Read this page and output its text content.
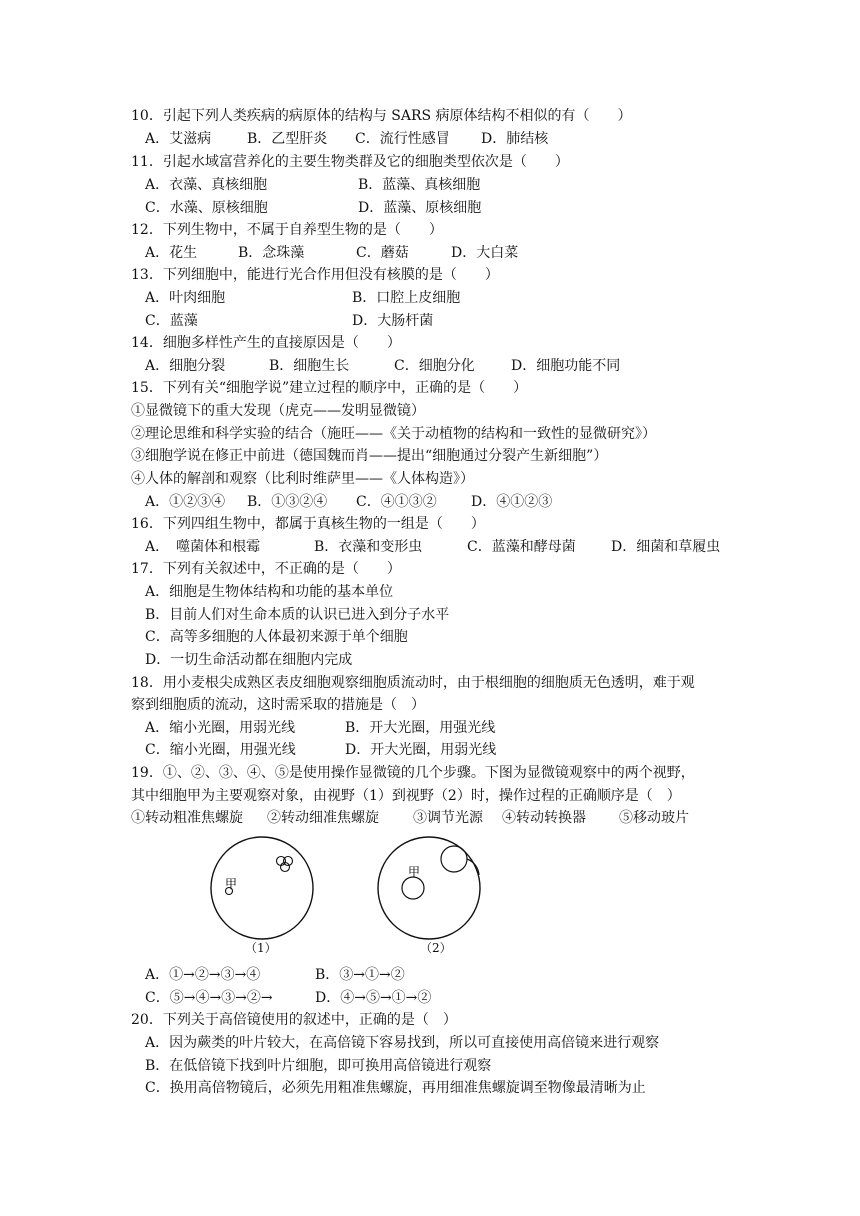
10．引起下列人类疾病的病原体的结构与 SARS 病原体结构不相似的有（　　）
A．艾滋病	B．乙型肝炎 C．流行性感冒 D．肺结核
11．引起水域富营养化的主要生物类群及它的细胞类型依次是（　　）
A．衣藻、真核细胞	B．蓝藻、真核细胞
C．水藻、原核细胞	D．蓝藻、原核细胞
12．下列生物中，不属于自养型生物的是（　　）
A．花生	B．念珠藻	C．蘑菇	D．大白菜
13．下列细胞中，能进行光合作用但没有核膜的是（　　）
A．叶肉细胞	B．口腔上皮细胞
C．蓝藻	D．大肠杆菌
14．细胞多样性产生的直接原因是（　　）
A．细胞分裂	B．细胞生长	C．细胞分化	D．细胞功能不同
15．下列有关“细胞学说”建立过程的顺序中，正确的是（　　）
①显微镜下的重大发现（虎克——发明显微镜）
②理论思维和科学实验的结合（施旺——《关于动植物的结构和一致性的显微研究》）
③细胞学说在修正中前进（德国魏而肖——提出“细胞通过分裂产生新细胞”）
④人体的解剖和观察（比利时维萨里——《人体构造》）
A．①②③④ B．①③②④ C．④①③② D．④①②③
16．下列四组生物中，都属于真核生物的一组是（　　）
A．　噬菌体和根霉	B．衣藻和变形虫	C．蓝藻和酵母菌	D．细菌和草履虫
17．下列有关叙述中，不正确的是（　　）
A．细胞是生物体结构和功能的基本单位
B．目前人们对生命本质的认识已进入到分子水平
C．高等多细胞的人体最初来源于单个细胞
D．一切生命活动都在细胞内完成
18．用小麦根尖成熟区表皮细胞观察细胞质流动时，由于根细胞的细胞质无色透明，难于观
察到细胞质的流动，这时需采取的措施是（　）
A．缩小光圈，用弱光线	B．开大光圈，用强光线
C．缩小光圈，用强光线	D．开大光圈，用弱光线
19．①、②、③、④、⑤是使用操作显微镜的几个步骤。下图为显微镜观察中的两个视野，
其中细胞甲为主要观察对象，由视野（1）到视野（2）时，操作过程的正确顺序是（　）
①转动粗准焦螺旋 ②转动细准焦螺旋 ③调节光源 ④转动转换器 ⑤移动玻片
甲
甲
（1）	（2）
A．①→②→③→④	B．③→①→②
C．⑤→④→③→②→	D．④→⑤→①→②
20．下列关于高倍镜使用的叙述中，正确的是（　）
A．因为蕨类的叶片较大，在高倍镜下容易找到，所以可直接使用高倍镜来进行观察
B．在低倍镜下找到叶片细胞，即可换用高倍镜进行观察
C．换用高倍物镜后，必须先用粗准焦螺旋，再用细准焦螺旋调至物像最清晰为止
